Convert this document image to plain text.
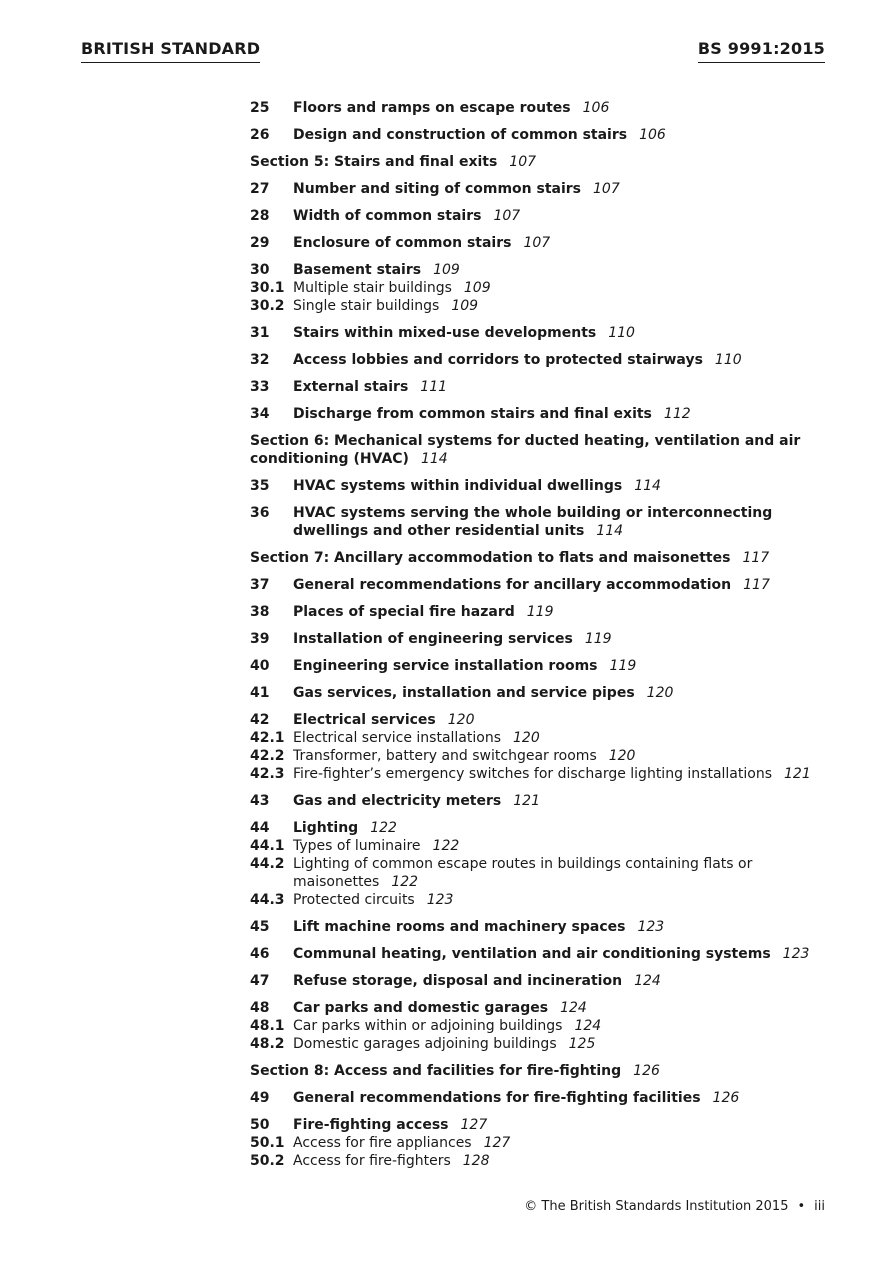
BRITISH STANDARD	BS 9991:2015
25	Floors and ramps on escape routes 106
26	Design and construction of common stairs 106
Section 5: Stairs and final exits 107
27	Number and siting of common stairs 107
28	Width of common stairs 107
29	Enclosure of common stairs 107
30	Basement stairs 109
30.1 Multiple stair buildings 109
30.2 Single stair buildings 109
31	Stairs within mixed-use developments 110
32	Access lobbies and corridors to protected stairways 110
33	External stairs 111
34	Discharge from common stairs and final exits 112
Section 6: Mechanical systems for ducted heating, ventilation and air conditioning (HVAC) 114
35	HVAC systems within individual dwellings 114
36	HVAC systems serving the whole building or interconnecting dwellings and other residential units 114
Section 7: Ancillary accommodation to flats and maisonettes 117
37	General recommendations for ancillary accommodation 117
38	Places of special fire hazard 119
39	Installation of engineering services 119
40	Engineering service installation rooms 119
41	Gas services, installation and service pipes 120
42	Electrical services 120
42.1 Electrical service installations 120
42.2 Transformer, battery and switchgear rooms 120
42.3 Fire-fighter’s emergency switches for discharge lighting installations 121
43	Gas and electricity meters 121
44	Lighting 122
44.1 Types of luminaire 122
44.2 Lighting of common escape routes in buildings containing flats or maisonettes 122
44.3 Protected circuits 123
45	Lift machine rooms and machinery spaces 123
46	Communal heating, ventilation and air conditioning systems 123
47	Refuse storage, disposal and incineration 124
48	Car parks and domestic garages 124
48.1 Car parks within or adjoining buildings 124
48.2 Domestic garages adjoining buildings 125
Section 8: Access and facilities for fire-fighting 126
49	General recommendations for fire-fighting facilities 126
50	Fire-fighting access 127
50.1 Access for fire appliances 127
50.2 Access for fire-fighters 128
© The British Standards Institution 2015 • iii
